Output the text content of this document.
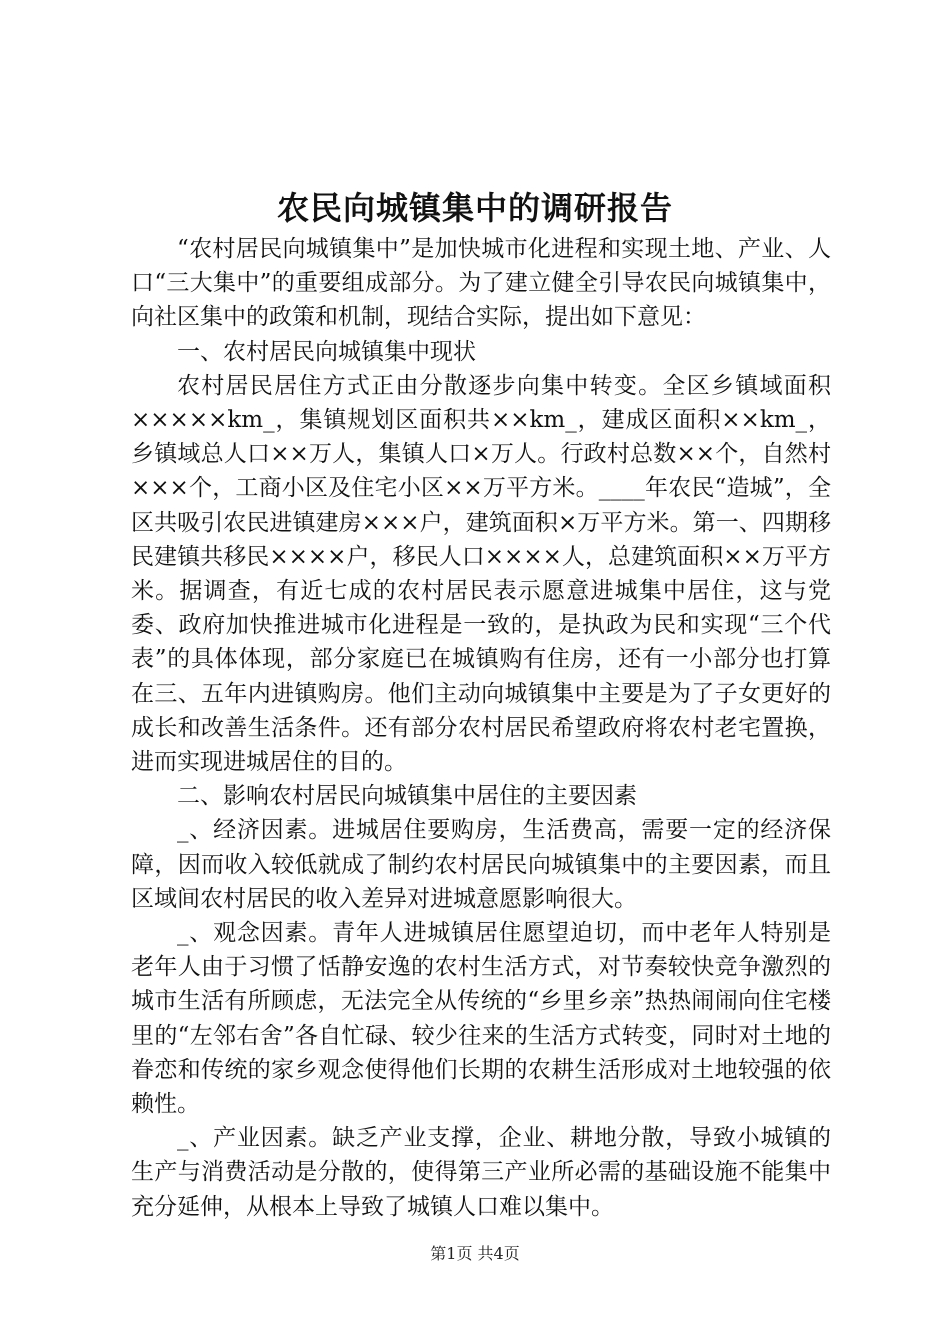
农民向城镇集中的调研报告

“农村居民向城镇集中”是加快城市化进程和实现土地、产业、人口“三大集中”的重要组成部分。为了建立健全引导农民向城镇集中，向社区集中的政策和机制，现结合实际，提出如下意见：

一、农村居民向城镇集中现状

农村居民居住方式正由分散逐步向集中转变。全区乡镇域面积×××××km_，集镇规划区面积共××km_，建成区面积××km_，乡镇域总人口××万人，集镇人口×万人。行政村总数××个，自然村×××个，工商小区及住宅小区××万平方米。____年农民“造城”，全区共吸引农民进镇建房×××户，建筑面积×万平方米。第一、四期移民建镇共移民××××户，移民人口××××人，总建筑面积××万平方米。据调查，有近七成的农村居民表示愿意进城集中居住，这与党委、政府加快推进城市化进程是一致的，是执政为民和实现“三个代表”的具体体现，部分家庭已在城镇购有住房，还有一小部分也打算在三、五年内进镇购房。他们主动向城镇集中主要是为了子女更好的成长和改善生活条件。还有部分农村居民希望政府将农村老宅置换，进而实现进城居住的目的。

二、影响农村居民向城镇集中居住的主要因素

_、经济因素。进城居住要购房，生活费高，需要一定的经济保障，因而收入较低就成了制约农村居民向城镇集中的主要因素，而且区域间农村居民的收入差异对进城意愿影响很大。

_、观念因素。青年人进城镇居住愿望迫切，而中老年人特别是老年人由于习惯了恬静安逸的农村生活方式，对节奏较快竞争激烈的城市生活有所顾虑，无法完全从传统的“乡里乡亲”热热闹闹向住宅楼里的“左邻右舍”各自忙碌、较少往来的生活方式转变，同时对土地的眷恋和传统的家乡观念使得他们长期的农耕生活形成对土地较强的依赖性。

_、产业因素。缺乏产业支撑，企业、耕地分散，导致小城镇的生产与消费活动是分散的，使得第三产业所必需的基础设施不能集中充分延伸，从根本上导致了城镇人口难以集中。

第1页 共4页
